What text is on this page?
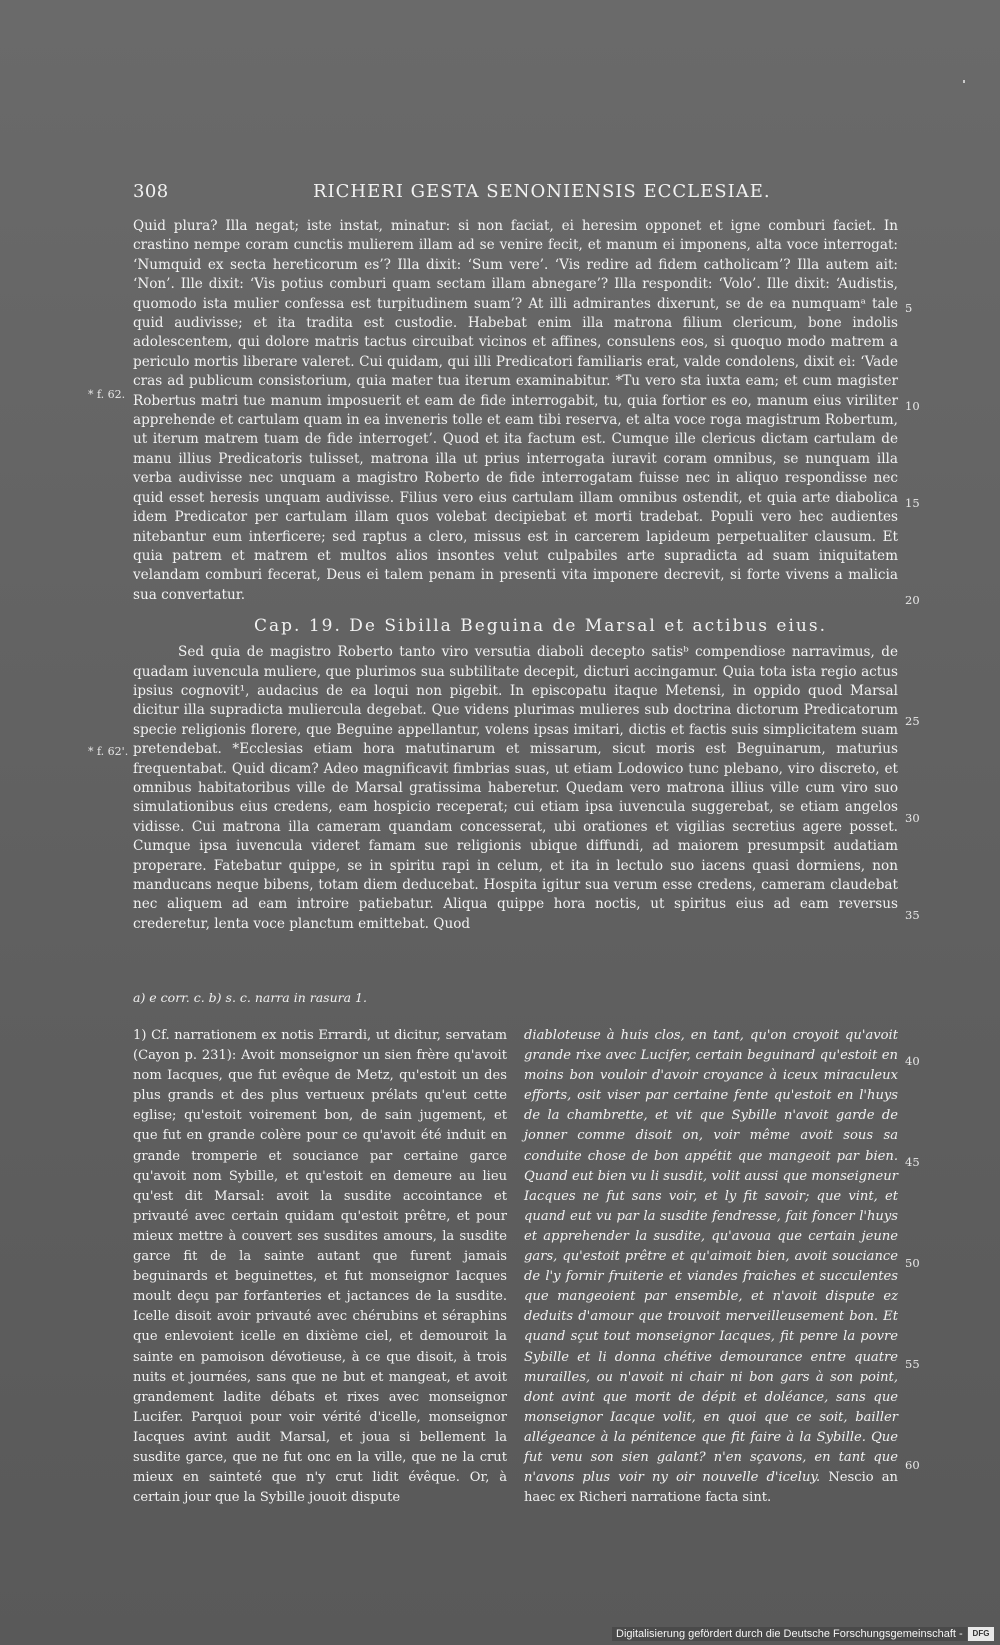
308	RICHERI GESTA SENONIENSIS ECCLESIAE.

Quid plura? Illa negat; iste instat, minatur: si non faciat, ei heresim opponet et igne comburi faciet. In crastino nempe coram cunctis mulierem illam ad se venire fecit, et manum ei imponens, alta voce interrogat: ‘Numquid ex secta hereticorum es’? Illa dixit: ‘Sum vere’. ‘Vis redire ad fidem catholicam’? Illa autem ait: ‘Non’. Ille dixit: ‘Vis potius comburi quam sectam illam abnegare’? Illa respondit: ‘Volo’. Ille dixit: ‘Audistis, quomodo ista mulier confessa est turpitudinem suam’? At illi admirantes dixerunt, se de ea numquamᵃ tale quid audivisse; et ita tradita est custodie. Habebat enim illa matrona filium clericum, bone indolis adolescentem, qui dolore matris tactus circuibat vicinos et affines, consulens eos, si quoquo modo matrem a periculo mortis liberare valeret. Cui quidam, qui illi Predicatori familiaris erat, valde condolens, dixit ei: ‘Vade cras ad publicum consistorium, quia mater tua iterum examinabitur. *Tu vero sta iuxta eam; et cum magister Robertus matri tue manum imposuerit et eam de fide interrogabit, tu, quia fortior es eo, manum eius viriliter apprehende et cartulam quam in ea inveneris tolle et eam tibi reserva, et alta voce roga magistrum Robertum, ut iterum matrem tuam de fide interroget’. Quod et ita factum est. Cumque ille clericus dictam cartulam de manu illius Predicatoris tulisset, matrona illa ut prius interrogata iuravit coram omnibus, se nunquam illa verba audivisse nec unquam a magistro Roberto de fide interrogatam fuisse nec in aliquo respondisse nec quid esset heresis unquam audivisse. Filius vero eius cartulam illam omnibus ostendit, et quia arte diabolica idem Predicator per cartulam illam quos volebat decipiebat et morti tradebat. Populi vero hec audientes nitebantur eum interficere; sed raptus a clero, missus est in carcerem lapideum perpetualiter clausum. Et quia patrem et matrem et multos alios insontes velut culpabiles arte supradicta ad suam iniquitatem velandam comburi fecerat, Deus ei talem penam in presenti vita imponere decrevit, si forte vivens a malicia sua convertatur.

Cap. 19. De Sibilla Beguina de Marsal et actibus eius.

Sed quia de magistro Roberto tanto viro versutia diaboli decepto satisᵇ compendiose narravimus, de quadam iuvencula muliere, que plurimos sua subtilitate decepit, dicturi accingamur. Quia tota ista regio actus ipsius cognovit¹, audacius de ea loqui non pigebit. In episcopatu itaque Metensi, in oppido quod Marsal dicitur illa supradicta muliercula degebat. Que videns plurimas mulieres sub doctrina dictorum Predicatorum specie religionis florere, que Beguine appellantur, volens ipsas imitari, dictis et factis suis simplicitatem suam pretendebat. *Ecclesias etiam hora matutinarum et missarum, sicut moris est Beguinarum, maturius frequentabat. Quid dicam? Adeo magnificavit fimbrias suas, ut etiam Lodowico tunc plebano, viro discreto, et omnibus habitatoribus ville de Marsal gratissima haberetur. Quedam vero matrona illius ville cum viro suo simulationibus eius credens, eam hospicio receperat; cui etiam ipsa iuvencula suggerebat, se etiam angelos vidisse. Cui matrona illa cameram quandam concesserat, ubi orationes et vigilias secretius agere posset. Cumque ipsa iuvencula videret famam sue religionis ubique diffundi, ad maiorem presumpsit audatiam properare. Fatebatur quippe, se in spiritu rapi in celum, et ita in lectulo suo iacens quasi dormiens, non manducans neque bibens, totam diem deducebat. Hospita igitur sua verum esse credens, cameram claudebat nec aliquem ad eam introire patiebatur. Aliqua quippe hora noctis, ut spiritus eius ad eam reversus crederetur, lenta voce planctum emittebat. Quod

* f. 62.
* f. 62'.
5
10
15
20
25
30
35
40
45
50
55
60
a) e corr. c. b) s. c. narra in rasura 1.
1) Cf. narrationem ex notis Errardi, ut dicitur, servatam (Cayon p. 231): Avoit monseignor un sien frère qu'avoit nom Iacques, que fut evêque de Metz, qu'estoit un des plus grands et des plus vertueux prélats qu'eut cette eglise; qu'estoit voirement bon, de sain jugement, et que fut en grande colère pour ce qu'avoit été induit en grande tromperie et souciance par certaine garce qu'avoit nom Sybille, et qu'estoit en demeure au lieu qu'est dit Marsal: avoit la susdite accointance et privauté avec certain quidam qu'estoit prêtre, et pour mieux mettre à couvert ses susdites amours, la susdite garce fit de la sainte autant que furent jamais beguinards et beguinettes, et fut monseignor Iacques moult deçu par forfanteries et jactances de la susdite. Icelle disoit avoir privauté avec chérubins et séraphins que enlevoient icelle en dixième ciel, et demouroit la sainte en pamoison dévotieuse, à ce que disoit, à trois nuits et journées, sans que ne but et mangeat, et avoit grandement ladite débats et rixes avec monseignor Lucifer. Parquoi pour voir vérité d'icelle, monseignor Iacques avint audit Marsal, et joua si bellement la susdite garce, que ne fut onc en la ville, que ne la crut mieux en sainteté que n'y crut lidit évêque. Or, à certain jour que la Sybille jouoit dispute
diabloteuse à huis clos, en tant, qu'on croyoit qu'avoit grande rixe avec Lucifer, certain beguinard qu'estoit en moins bon vouloir d'avoir croyance à iceux miraculeux efforts, osit viser par certaine fente qu'estoit en l'huys de la chambrette, et vit que Sybille n'avoit garde de jonner comme disoit on, voir même avoit sous sa conduite chose de bon appétit que mangeoit par bien. Quand eut bien vu li susdit, volit aussi que monseigneur Iacques ne fut sans voir, et ly fit savoir; que vint, et quand eut vu par la susdite fendresse, fait foncer l'huys et apprehender la susdite, qu'avoua que certain jeune gars, qu'estoit prêtre et qu'aimoit bien, avoit souciance de l'y fornir fruiterie et viandes fraiches et succulentes que mangeoient par ensemble, et n'avoit dispute ez deduits d'amour que trouvoit merveilleusement bon. Et quand sçut tout monseignor Iacques, fit penre la povre Sybille et li donna chétive demourance entre quatre murailles, ou n'avoit ni chair ni bon gars à son point, dont avint que morit de dépit et doléance, sans que monseignor Iacque volit, en quoi que ce soit, bailler allégeance à la pénitence que fit faire à la Sybille. Que fut venu son sien galant? n'en sçavons, en tant que n'avons plus voir ny oir nouvelle d'iceluy. Nescio an haec ex Richeri narratione facta sint.
Digitalisierung gefördert durch die Deutsche Forschungsgemeinschaft -	DFG
